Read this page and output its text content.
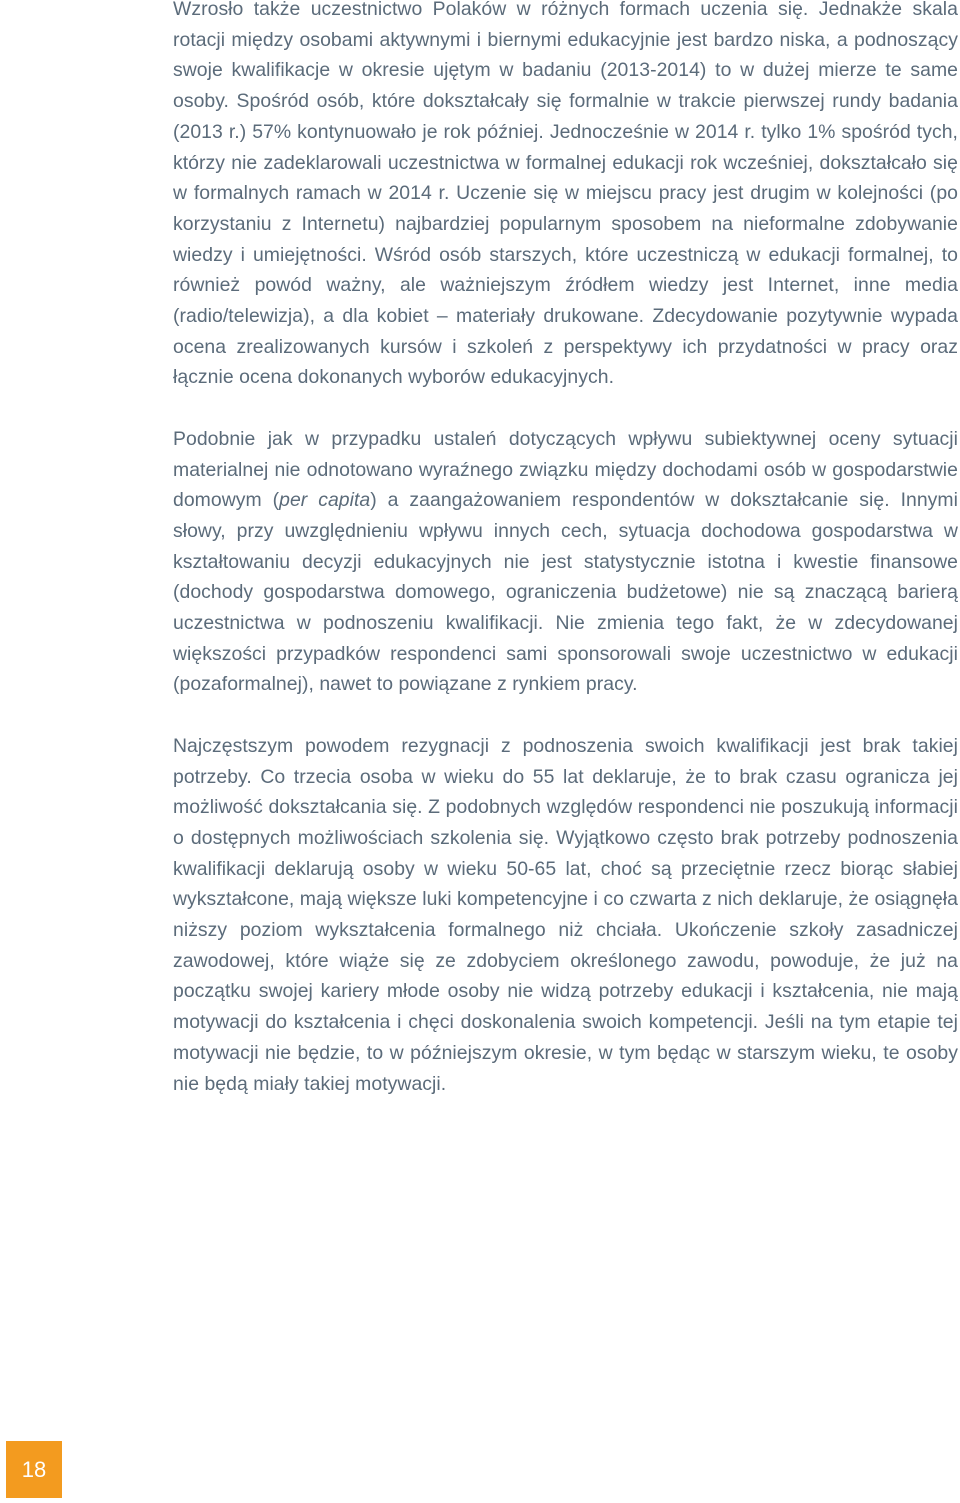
Wzrosło także uczestnictwo Polaków w różnych formach uczenia się. Jednakże skala rotacji między osobami aktywnymi i biernymi edukacyjnie jest bardzo niska, a podnoszący swoje kwalifikacje w okresie ujętym w badaniu (2013-2014) to w dużej mierze te same osoby. Spośród osób, które dokształcały się formalnie w trakcie pierwszej rundy badania (2013 r.) 57% kontynuowało je rok później. Jednocześnie w 2014 r. tylko 1% spośród tych, którzy nie zadeklarowali uczestnictwa w formalnej edukacji rok wcześniej, dokształcało się w formalnych ramach w 2014 r. Uczenie się w miejscu pracy jest drugim w kolejności (po korzystaniu z Internetu) najbardziej popularnym sposobem na nieformalne zdobywanie wiedzy i umiejętności. Wśród osób starszych, które uczestniczą w edukacji formalnej, to również powód ważny, ale ważniejszym źródłem wiedzy jest Internet, inne media (radio/telewizja), a dla kobiet – materiały drukowane. Zdecydowanie pozytywnie wypada ocena zrealizowanych kursów i szkoleń z perspektywy ich przydatności w pracy oraz łącznie ocena dokonanych wyborów edukacyjnych.

Podobnie jak w przypadku ustaleń dotyczących wpływu subiektywnej oceny sytuacji materialnej nie odnotowano wyraźnego związku między dochodami osób w gospodarstwie domowym (per capita) a zaangażowaniem respondentów w dokształcanie się. Innymi słowy, przy uwzględnieniu wpływu innych cech, sytuacja dochodowa gospodarstwa w kształtowaniu decyzji edukacyjnych nie jest statystycznie istotna i kwestie finansowe (dochody gospodarstwa domowego, ograniczenia budżetowe) nie są znaczącą barierą uczestnictwa w podnoszeniu kwalifikacji. Nie zmienia tego fakt, że w zdecydowanej większości przypadków respondenci sami sponsorowali swoje uczestnictwo w edukacji (pozaformalnej), nawet to powiązane z rynkiem pracy.

Najczęstszym powodem rezygnacji z podnoszenia swoich kwalifikacji jest brak takiej potrzeby. Co trzecia osoba w wieku do 55 lat deklaruje, że to brak czasu ogranicza jej możliwość dokształcania się. Z podobnych względów respondenci nie poszukują informacji o dostępnych możliwościach szkolenia się. Wyjątkowo często brak potrzeby podnoszenia kwalifikacji deklarują osoby w wieku 50-65 lat, choć są przeciętnie rzecz biorąc słabiej wykształcone, mają większe luki kompetencyjne i co czwarta z nich deklaruje, że osiągnęła niższy poziom wykształcenia formalnego niż chciała. Ukończenie szkoły zasadniczej zawodowej, które wiąże się ze zdobyciem określonego zawodu, powoduje, że już na początku swojej kariery młode osoby nie widzą potrzeby edukacji i kształcenia, nie mają motywacji do kształcenia i chęci doskonalenia swoich kompetencji. Jeśli na tym etapie tej motywacji nie będzie, to w późniejszym okresie, w tym będąc w starszym wieku, te osoby nie będą miały takiej motywacji.

18
